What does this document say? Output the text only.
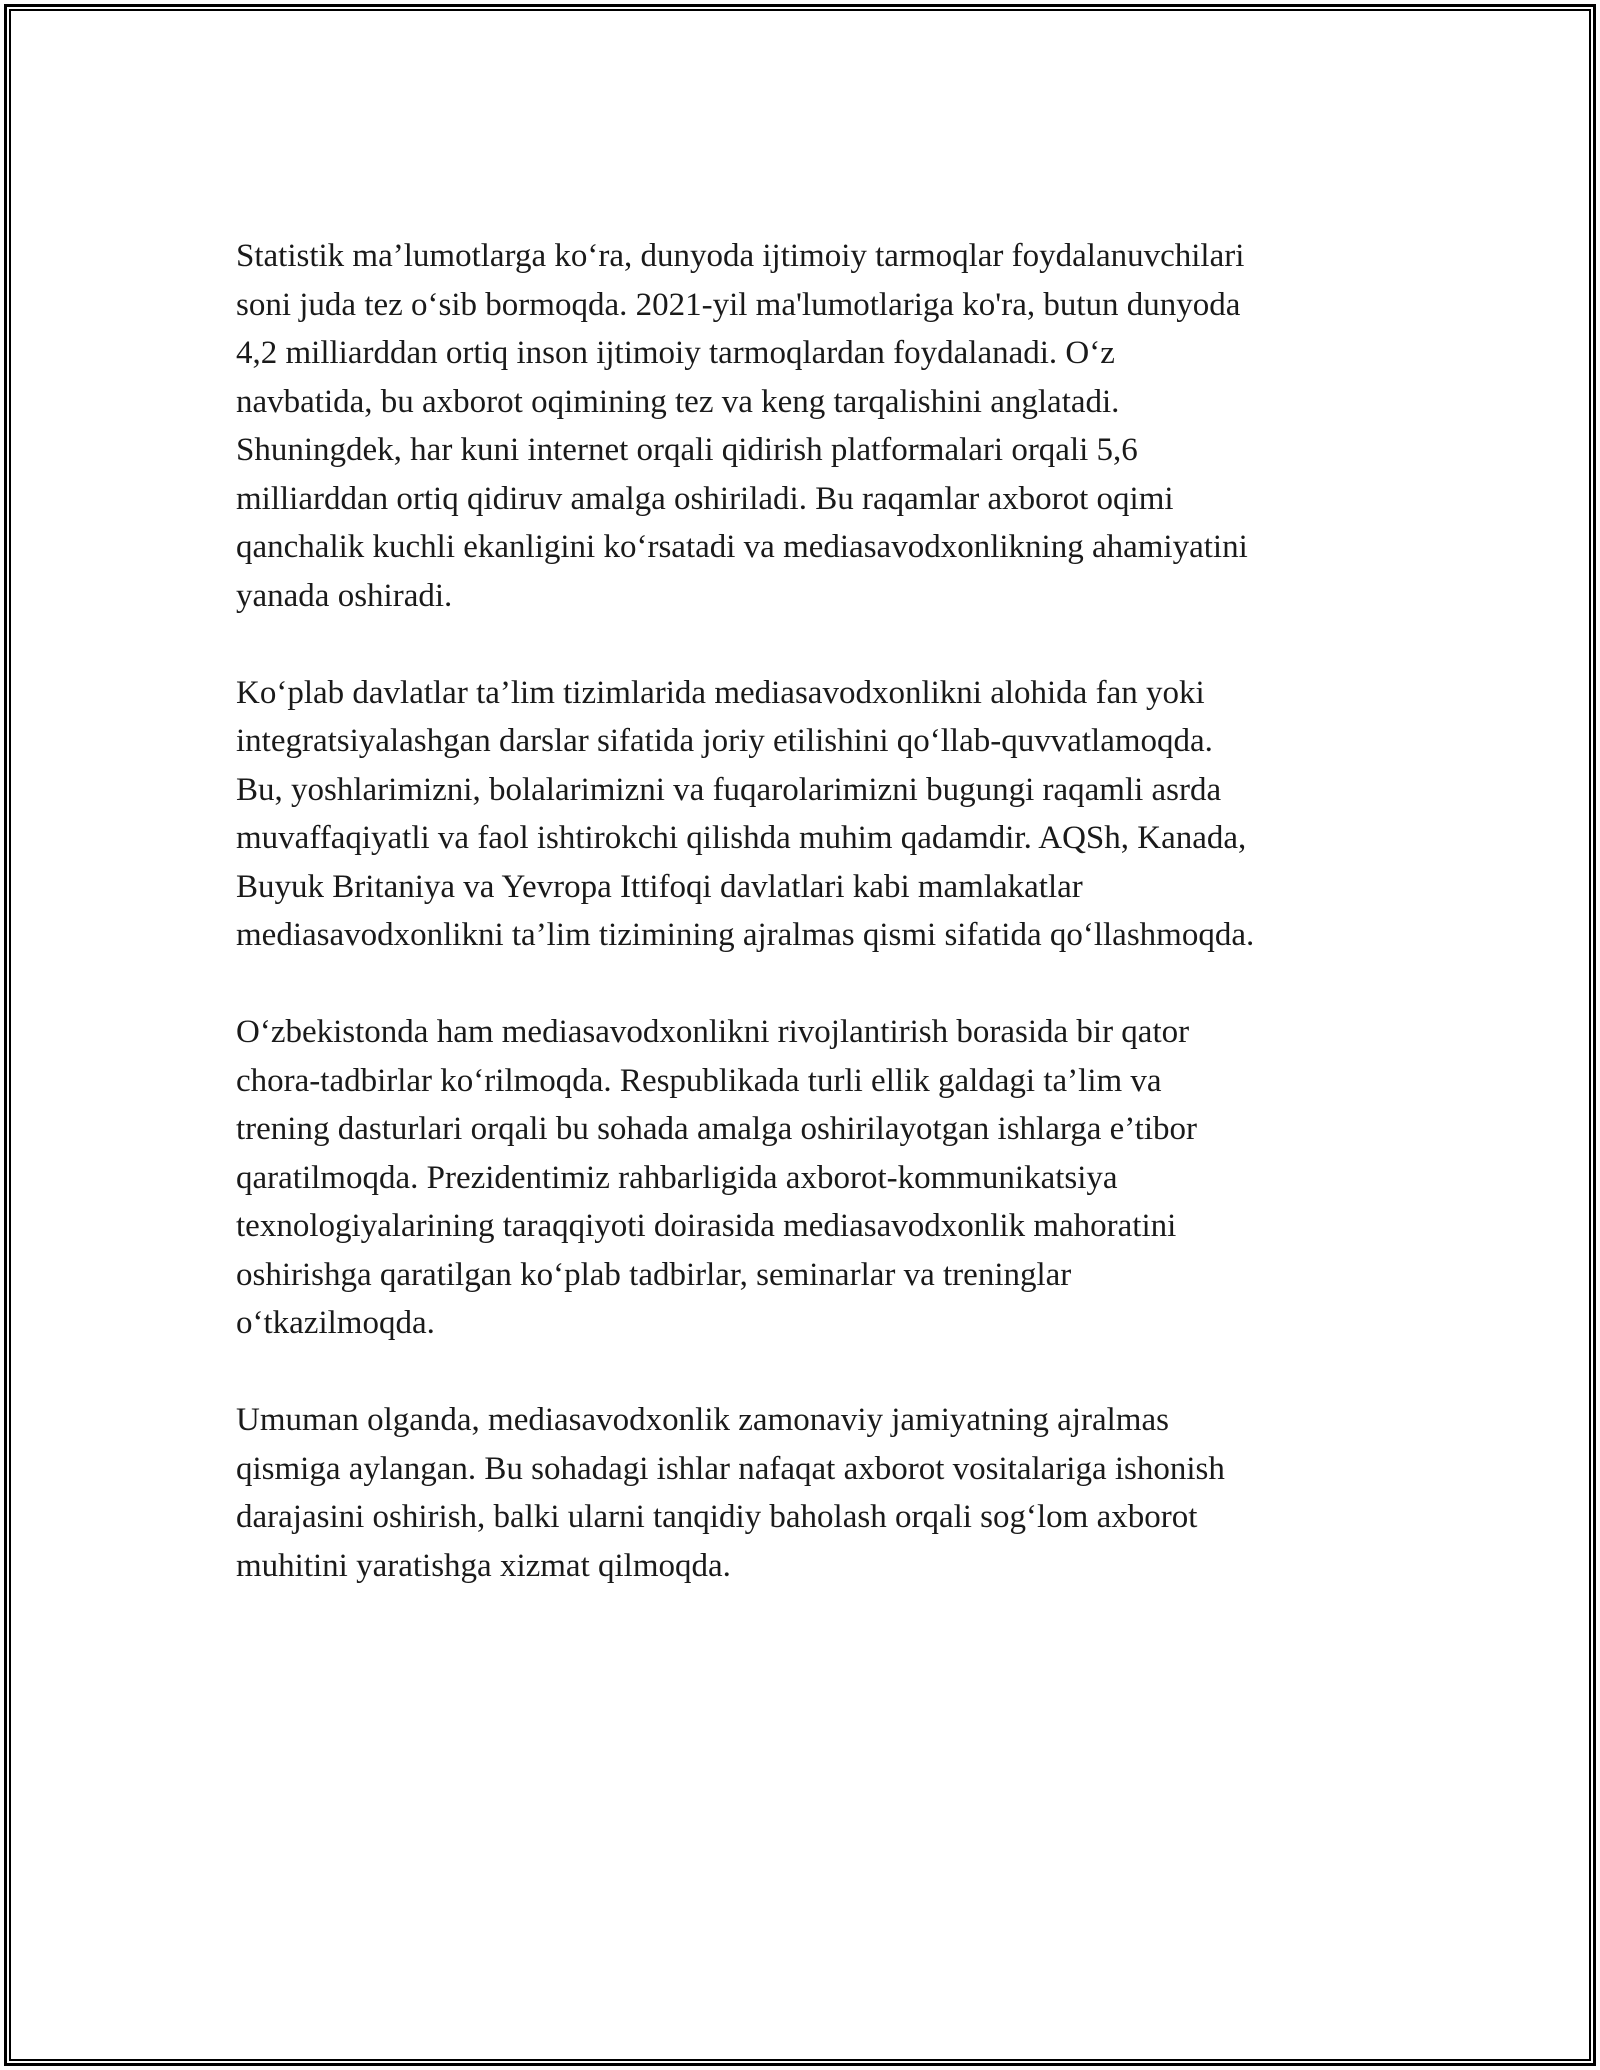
Statistik ma’lumotlarga ko‘ra, dunyoda ijtimoiy tarmoqlar foydalanuvchilari
soni juda tez o‘sib bormoqda. 2021-yil ma'lumotlariga ko'ra, butun dunyoda
4,2 milliarddan ortiq inson ijtimoiy tarmoqlardan foydalanadi. O‘z
navbatida, bu axborot oqimining tez va keng tarqalishini anglatadi.
Shuningdek, har kuni internet orqali qidirish platformalari orqali 5,6
milliarddan ortiq qidiruv amalga oshiriladi. Bu raqamlar axborot oqimi
qanchalik kuchli ekanligini ko‘rsatadi va mediasavodxonlikning ahamiyatini
yanada oshiradi.

Ko‘plab davlatlar ta’lim tizimlarida mediasavodxonlikni alohida fan yoki
integratsiyalashgan darslar sifatida joriy etilishini qo‘llab-quvvatlamoqda.
Bu, yoshlarimizni, bolalarimizni va fuqarolarimizni bugungi raqamli asrda
muvaffaqiyatli va faol ishtirokchi qilishda muhim qadamdir. AQSh, Kanada,
Buyuk Britaniya va Yevropa Ittifoqi davlatlari kabi mamlakatlar
mediasavodxonlikni ta’lim tizimining ajralmas qismi sifatida qo‘llashmoqda.

O‘zbekistonda ham mediasavodxonlikni rivojlantirish borasida bir qator
chora-tadbirlar ko‘rilmoqda. Respublikada turli ellik galdagi ta’lim va
trening dasturlari orqali bu sohada amalga oshirilayotgan ishlarga e’tibor
qaratilmoqda. Prezidentimiz rahbarligida axborot-kommunikatsiya
texnologiyalarining taraqqiyoti doirasida mediasavodxonlik mahoratini
oshirishga qaratilgan ko‘plab tadbirlar, seminarlar va treninglar
o‘tkazilmoqda.

Umuman olganda, mediasavodxonlik zamonaviy jamiyatning ajralmas
qismiga aylangan. Bu sohadagi ishlar nafaqat axborot vositalariga ishonish
darajasini oshirish, balki ularni tanqidiy baholash orqali sog‘lom axborot
muhitini yaratishga xizmat qilmoqda.
